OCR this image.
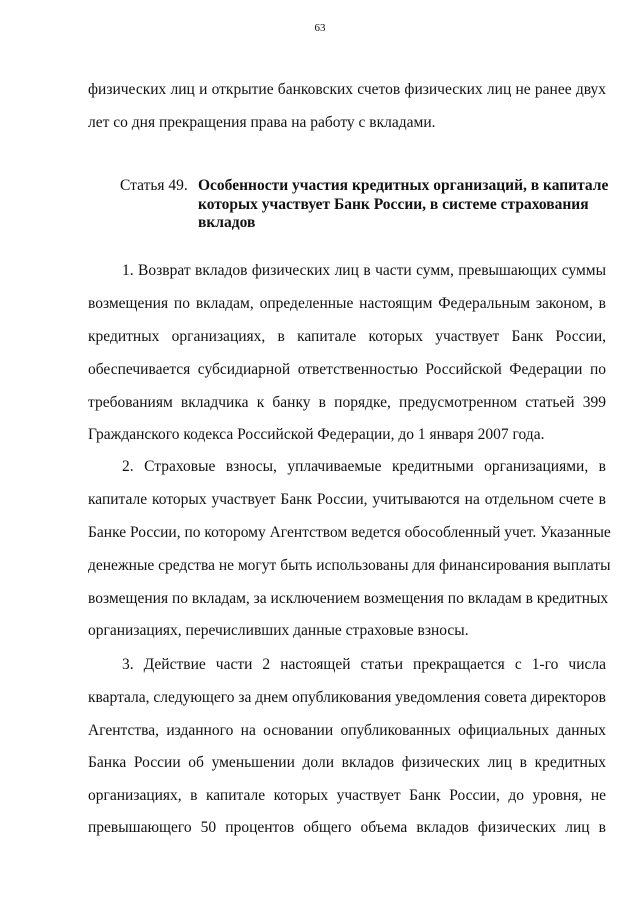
63
физических лиц и открытие банковских счетов физических лиц не ранее двух
лет со дня прекращения права на работу с вкладами.
Статья 49. Особенности участия кредитных организаций, в капитале
которых участвует Банк России, в системе страхования
вкладов
1. Возврат вкладов физических лиц в части сумм, превышающих суммы
возмещения по вкладам, определенные настоящим Федеральным законом, в
кредитных организациях, в капитале которых участвует Банк России,
обеспечивается субсидиарной ответственностью Российской Федерации по
требованиям вкладчика к банку в порядке, предусмотренном статьей 399
Гражданского кодекса Российской Федерации, до 1 января 2007 года.
2. Страховые взносы, уплачиваемые кредитными организациями, в
капитале которых участвует Банк России, учитываются на отдельном счете в
Банке России, по которому Агентством ведется обособленный учет. Указанные
денежные средства не могут быть использованы для финансирования выплаты
возмещения по вкладам, за исключением возмещения по вкладам в кредитных
организациях, перечисливших данные страховые взносы.
3. Действие части 2 настоящей статьи прекращается с 1-го числа
квартала, следующего за днем опубликования уведомления совета директоров
Агентства, изданного на основании опубликованных официальных данных
Банка России об уменьшении доли вкладов физических лиц в кредитных
организациях, в капитале которых участвует Банк России, до уровня, не
превышающего 50 процентов общего объема вкладов физических лиц в
